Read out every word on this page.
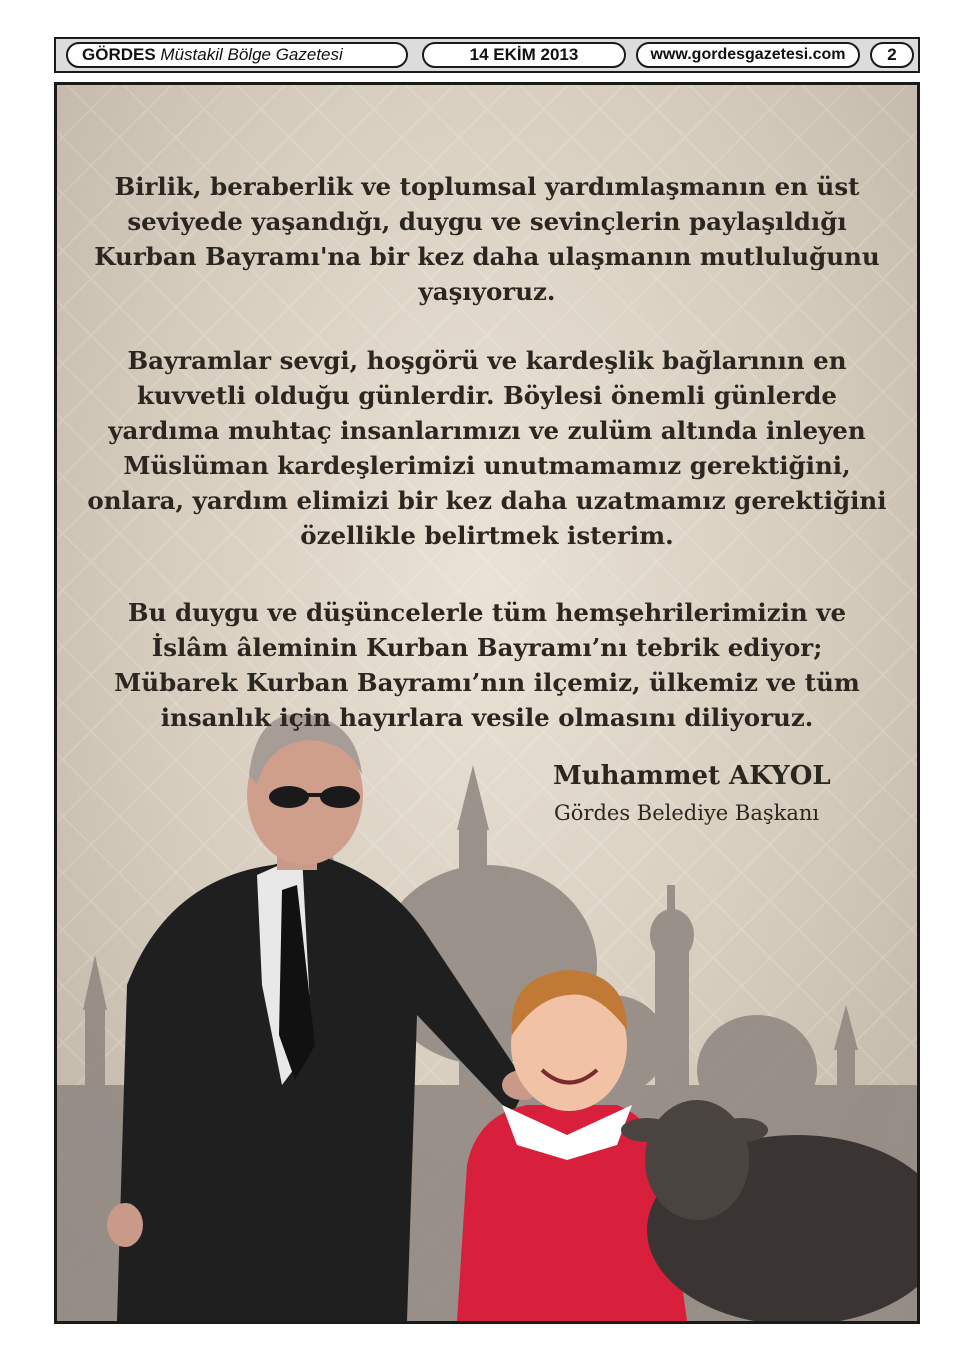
GÖRDES Müstakil Bölge Gazetesi	14 EKİM 2013	www.gordesgazetesi.com	2

Birlik, beraberlik ve toplumsal yardımlaşmanın en üst seviyede yaşandığı, duygu ve sevinçlerin paylaşıldığı Kurban Bayramı'na bir kez daha ulaşmanın mutluluğunu yaşıyoruz.

Bayramlar sevgi, hoşgörü ve kardeşlik bağlarının en kuvvetli olduğu günlerdir. Böylesi önemli günlerde yardıma muhtaç insanlarımızı ve zulüm altında inleyen Müslüman kardeşlerimizi unutmamamız gerektiğini, onlara, yardım elimizi bir kez daha uzatmamız gerektiğini özellikle belirtmek isterim.

Bu duygu ve düşüncelerle tüm hemşehrilerimizin ve İslâm âleminin Kurban Bayramı’nı tebrik ediyor; Mübarek Kurban Bayramı’nın ilçemiz, ülkemiz ve tüm insanlık için hayırlara vesile olmasını diliyoruz.

Muhammet AKYOL

Gördes Belediye Başkanı
